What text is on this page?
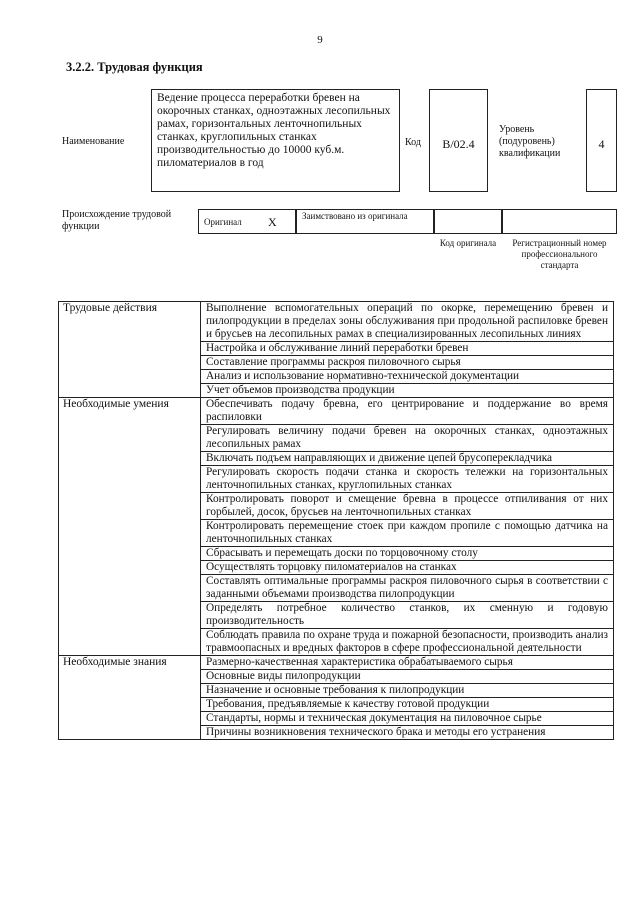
9
3.2.2. Трудовая функция
Наименование
Ведение процесса переработки бревен на окорочных станках, одноэтажных лесопильных рамах, горизонтальных ленточнопильных станках, круглопильных станках производительностью до 10000 куб.м. пиломатериалов в год
Код	В/02.4
Уровень (подуровень) квалификации
4
Происхождение трудовой функции	Оригинал X	Заимствовано из оригинала
Код оригинала	Регистрационный номер профессионального стандарта
Трудовые действия	Выполнение вспомогательных операций по окорке, перемещению бревен и пилопродукции в пределах зоны обслуживания при продольной распиловке бревен и брусьев на лесопильных рамах в специализированных лесопильных линиях
	Настройка и обслуживание линий переработки бревен
	Составление программы раскроя пиловочного сырья
	Анализ и использование нормативно-технической документации
	Учет объемов производства продукции
Необходимые умения	Обеспечивать подачу бревна, его центрирование и поддержание во время распиловки
	Регулировать величину подачи бревен на окорочных станках, одноэтажных лесопильных рамах
	Включать подъем направляющих и движение цепей брусоперекладчика
	Регулировать скорость подачи станка и скорость тележки на горизонтальных ленточнопильных станках, круглопильных станках
	Контролировать поворот и смещение бревна в процессе отпиливания от них горбылей, досок, брусьев на ленточнопильных станках
	Контролировать перемещение стоек при каждом пропиле с помощью датчика на ленточнопильных станках
	Сбрасывать и перемещать доски по торцовочному столу
	Осуществлять торцовку пиломатериалов на станках
	Составлять оптимальные программы раскроя пиловочного сырья в соответствии с заданными объемами производства пилопродукции
	Определять потребное количество станков, их сменную и годовую производительность
	Соблюдать правила по охране труда и пожарной безопасности, производить анализ травмоопасных и вредных факторов в сфере профессиональной деятельности
Необходимые знания	Размерно-качественная характеристика обрабатываемого сырья
	Основные виды пилопродукции
	Назначение и основные требования к пилопродукции
	Требования, предъявляемые к качеству готовой продукции
	Стандарты, нормы и техническая документация на пиловочное сырье
	Причины возникновения технического брака и методы его устранения
